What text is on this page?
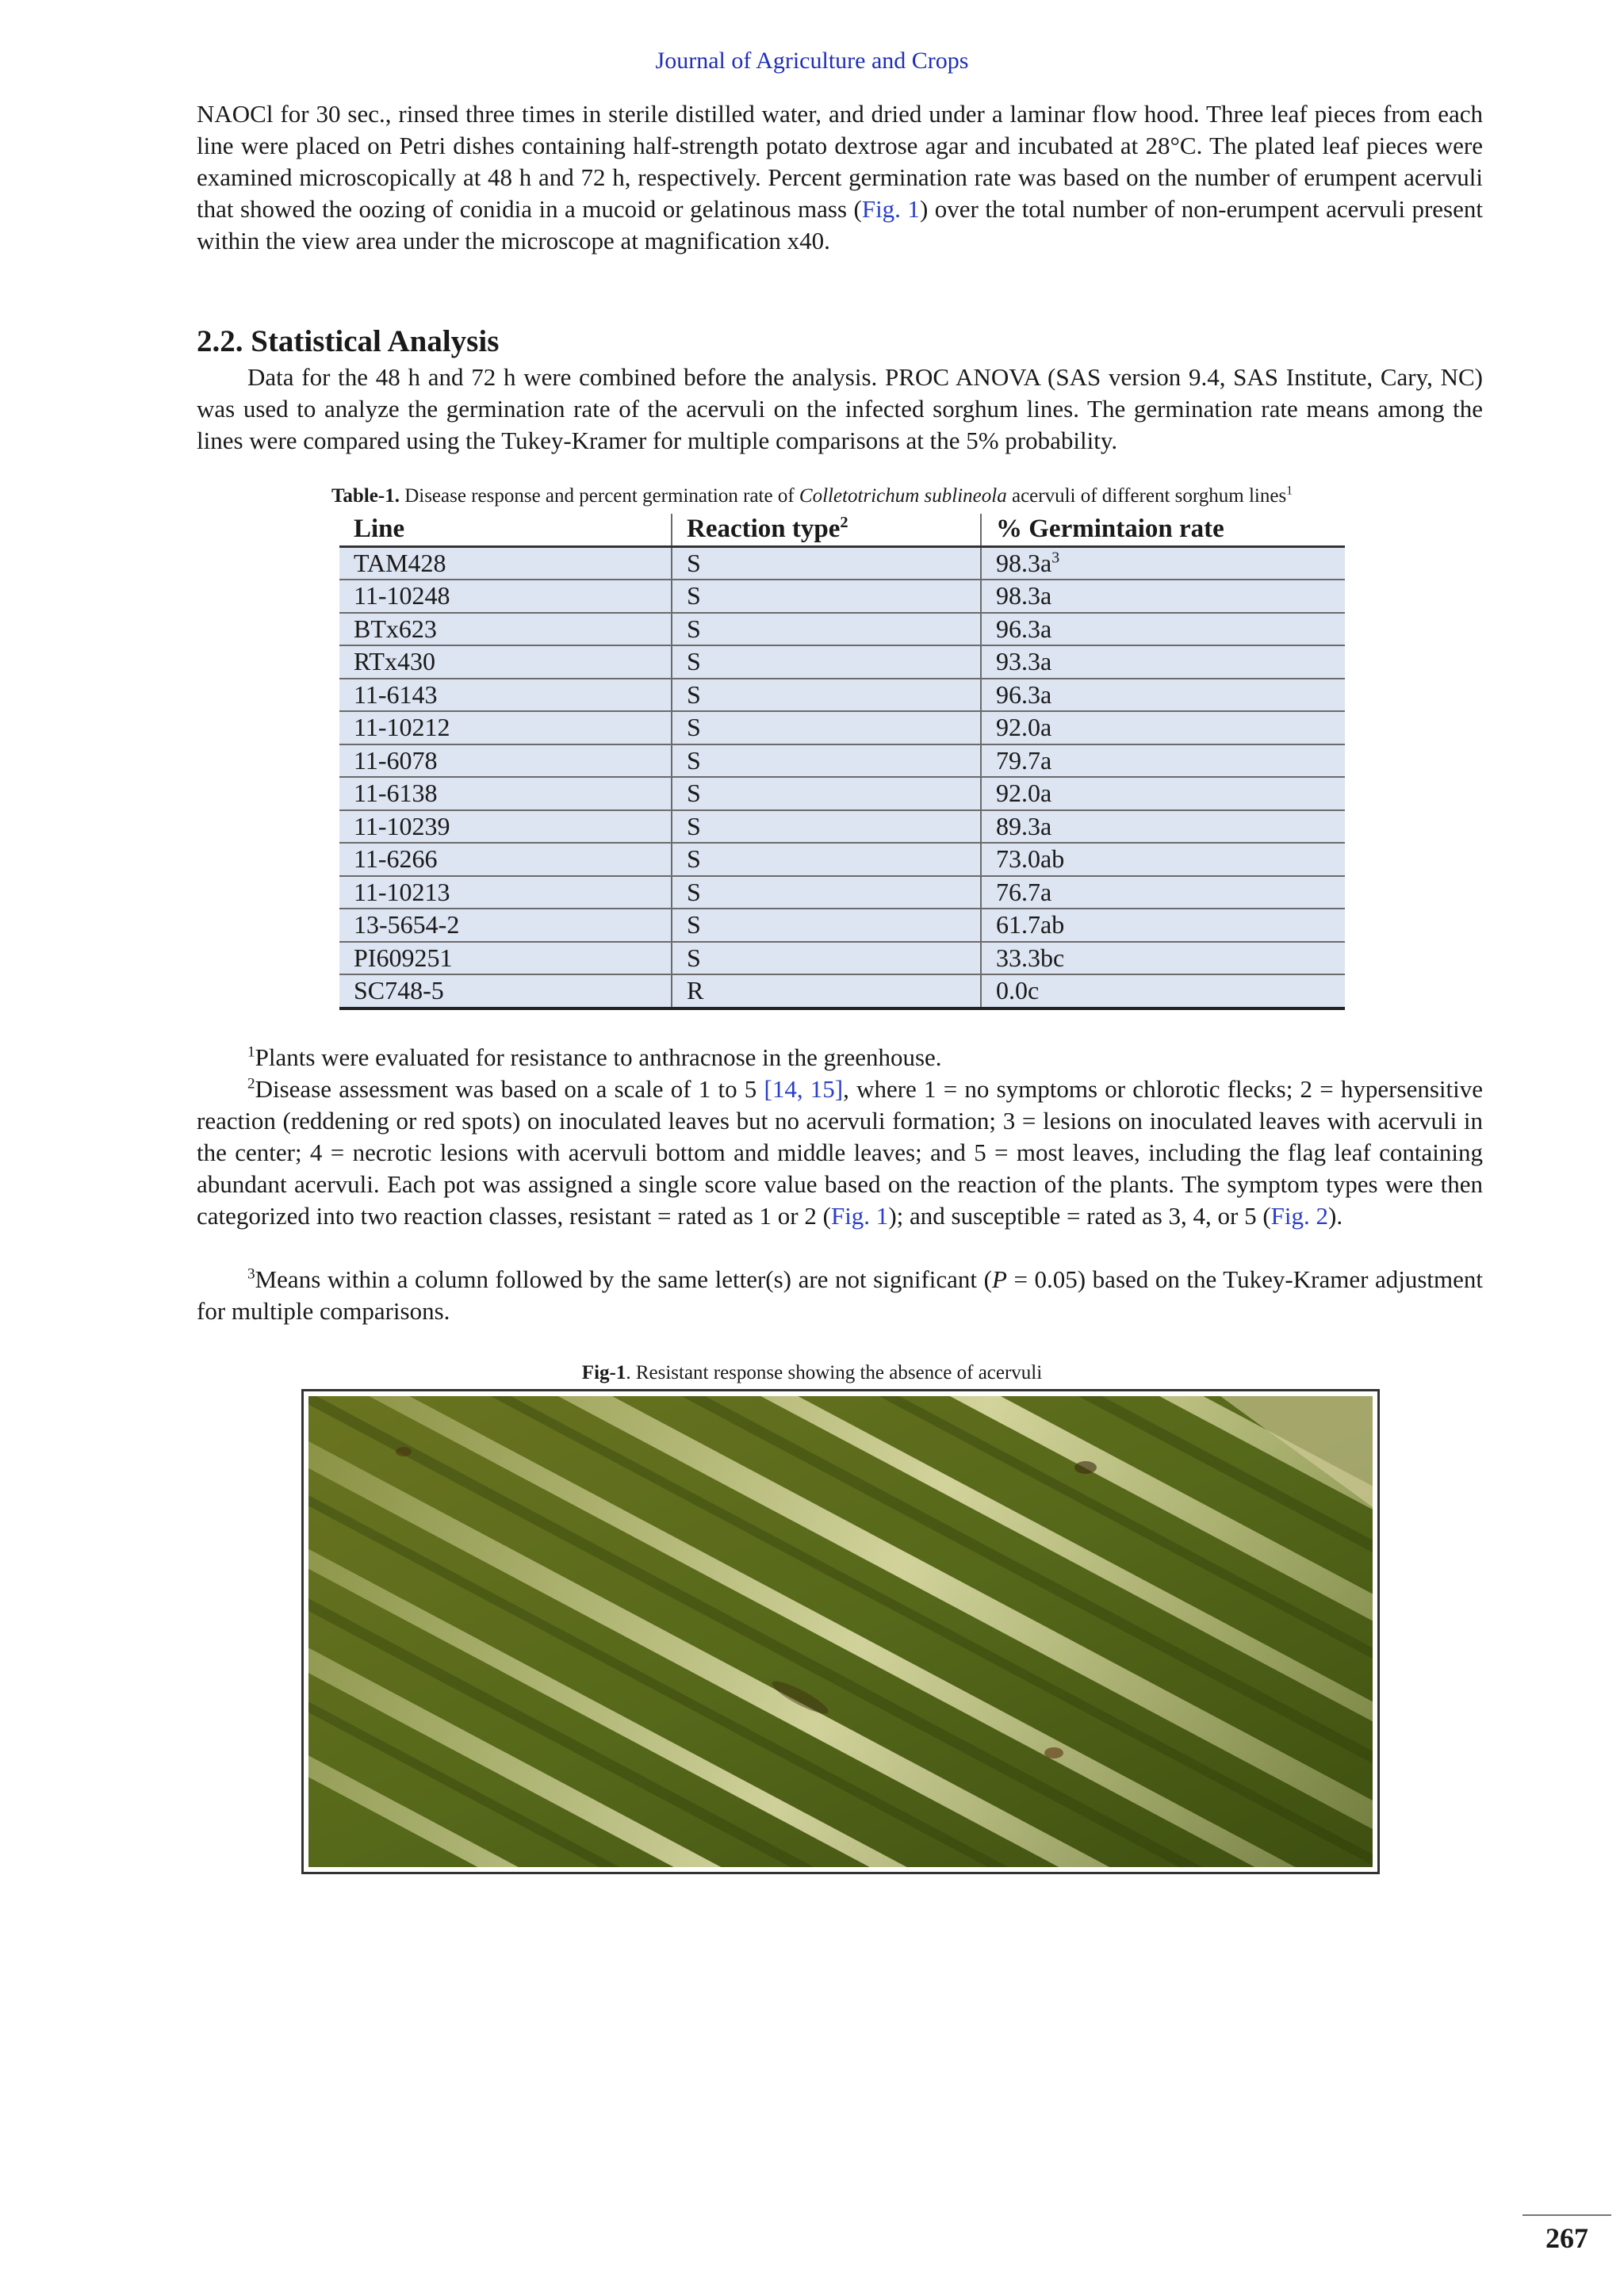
Journal of Agriculture and Crops

NAOCl for 30 sec., rinsed three times in sterile distilled water, and dried under a laminar flow hood. Three leaf pieces from each line were placed on Petri dishes containing half-strength potato dextrose agar and incubated at 28°C. The plated leaf pieces were examined microscopically at 48 h and 72 h, respectively. Percent germination rate was based on the number of erumpent acervuli that showed the oozing of conidia in a mucoid or gelatinous mass (Fig. 1) over the total number of non-erumpent acervuli present within the view area under the microscope at magnification x40.

2.2. Statistical Analysis

Data for the 48 h and 72 h were combined before the analysis. PROC ANOVA (SAS version 9.4, SAS Institute, Cary, NC) was used to analyze the germination rate of the acervuli on the infected sorghum lines. The germination rate means among the lines were compared using the Tukey-Kramer for multiple comparisons at the 5% probability.

Table-1. Disease response and percent germination rate of Colletotrichum sublineola acervuli of different sorghum lines$^1$
Line	Reaction type$^2$	% Germintaion rate
TAM428	S	$98.3a^3$
11-10248	S	98.3a
BTx623	S	96.3a
RTx430	S	93.3a
11-6143	S	96.3a
11-10212	S	92.0a
11-6078	S	79.7a
11-6138	S	92.0a
11-10239	S	89.3a
11-6266	S	73.0ab
11-10213	S	76.7a
13-5654-2	S	61.7ab
PI609251	S	33.3bc
SC748-5	R	0.0c

$^1$Plants were evaluated for resistance to anthracnose in the greenhouse.

$^2$Disease assessment was based on a scale of 1 to 5 [14, 15], where 1 = no symptoms or chlorotic flecks; 2 = hypersensitive reaction (reddening or red spots) on inoculated leaves but no acervuli formation; 3 = lesions on inoculated leaves with acervuli in the center; 4 = necrotic lesions with acervuli bottom and middle leaves; and 5 = most leaves, including the flag leaf containing abundant acervuli. Each pot was assigned a single score value based on the reaction of the plants. The symptom types were then categorized into two reaction classes, resistant = rated as 1 or 2 (Fig. 1); and susceptible = rated as 3, 4, or 5 (Fig. 2).

$^3$Means within a column followed by the same letter(s) are not significant (P = 0.05) based on the Tukey-Kramer adjustment for multiple comparisons.

Fig-1. Resistant response showing the absence of acervuli
267
